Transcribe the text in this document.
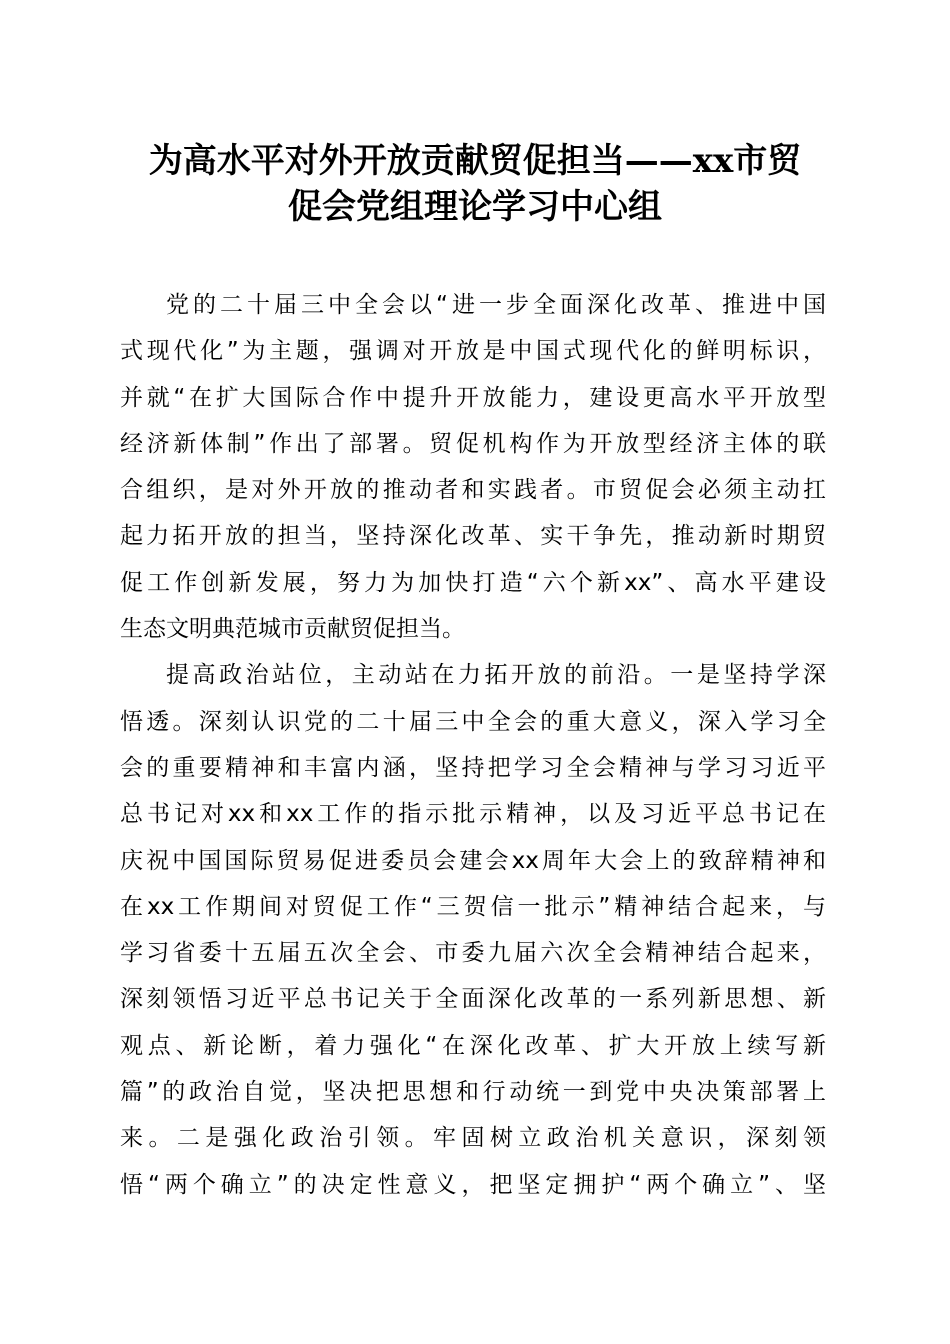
为高水平对外开放贡献贸促担当——xx市贸
促会党组理论学习中心组

党的二十届三中全会以“进一步全面深化改革、推进中国
式现代化”为主题，强调对开放是中国式现代化的鲜明标识，
并就“在扩大国际合作中提升开放能力，建设更高水平开放型
经济新体制”作出了部署。贸促机构作为开放型经济主体的联
合组织，是对外开放的推动者和实践者。市贸促会必须主动扛
起力拓开放的担当，坚持深化改革、实干争先，推动新时期贸
促工作创新发展，努力为加快打造“六个新xx”、高水平建设
生态文明典范城市贡献贸促担当。

提高政治站位，主动站在力拓开放的前沿。一是坚持学深
悟透。深刻认识党的二十届三中全会的重大意义，深入学习全
会的重要精神和丰富内涵，坚持把学习全会精神与学习习近平
总书记对xx和xx工作的指示批示精神，以及习近平总书记在
庆祝中国国际贸易促进委员会建会xx周年大会上的致辞精神和
在xx工作期间对贸促工作“三贺信一批示”精神结合起来，与
学习省委十五届五次全会、市委九届六次全会精神结合起来，
深刻领悟习近平总书记关于全面深化改革的一系列新思想、新
观点、新论断，着力强化“在深化改革、扩大开放上续写新
篇”的政治自觉，坚决把思想和行动统一到党中央决策部署上
来。二是强化政治引领。牢固树立政治机关意识，深刻领
悟“两个确立”的决定性意义，把坚定拥护“两个确立”、坚
